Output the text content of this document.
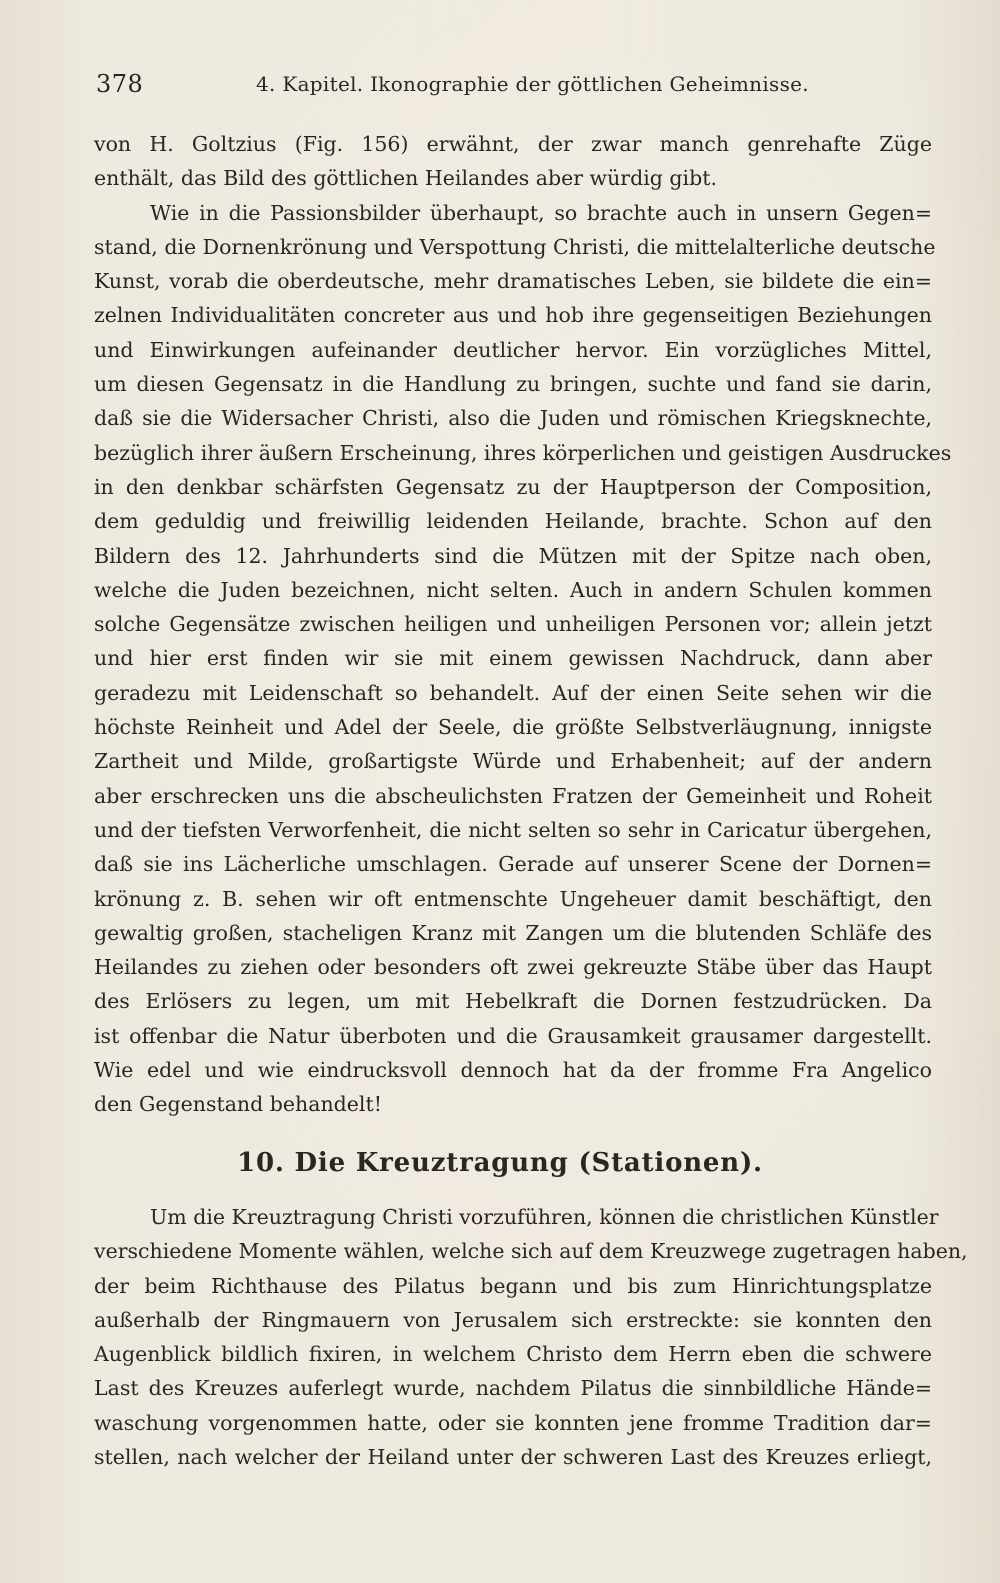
378	4. Kapitel. Ikonographie der göttlichen Geheimnisse.
von H. Goltzius (Fig. 156) erwähnt, der zwar manch genrehafte Züge
enthält, das Bild des göttlichen Heilandes aber würdig gibt.
Wie in die Passionsbilder überhaupt, so brachte auch in unsern Gegen=
stand, die Dornenkrönung und Verspottung Christi, die mittelalterliche deutsche
Kunst, vorab die oberdeutsche, mehr dramatisches Leben, sie bildete die ein=
zelnen Individualitäten concreter aus und hob ihre gegenseitigen Beziehungen
und Einwirkungen aufeinander deutlicher hervor. Ein vorzügliches Mittel,
um diesen Gegensatz in die Handlung zu bringen, suchte und fand sie darin,
daß sie die Widersacher Christi, also die Juden und römischen Kriegsknechte,
bezüglich ihrer äußern Erscheinung, ihres körperlichen und geistigen Ausdruckes
in den denkbar schärfsten Gegensatz zu der Hauptperson der Composition,
dem geduldig und freiwillig leidenden Heilande, brachte. Schon auf den
Bildern des 12. Jahrhunderts sind die Mützen mit der Spitze nach oben,
welche die Juden bezeichnen, nicht selten. Auch in andern Schulen kommen
solche Gegensätze zwischen heiligen und unheiligen Personen vor; allein jetzt
und hier erst finden wir sie mit einem gewissen Nachdruck, dann aber
geradezu mit Leidenschaft so behandelt. Auf der einen Seite sehen wir die
höchste Reinheit und Adel der Seele, die größte Selbstverläugnung, innigste
Zartheit und Milde, großartigste Würde und Erhabenheit; auf der andern
aber erschrecken uns die abscheulichsten Fratzen der Gemeinheit und Roheit
und der tiefsten Verworfenheit, die nicht selten so sehr in Caricatur übergehen,
daß sie ins Lächerliche umschlagen. Gerade auf unserer Scene der Dornen=
krönung z. B. sehen wir oft entmenschte Ungeheuer damit beschäftigt, den
gewaltig großen, stacheligen Kranz mit Zangen um die blutenden Schläfe des
Heilandes zu ziehen oder besonders oft zwei gekreuzte Stäbe über das Haupt
des Erlösers zu legen, um mit Hebelkraft die Dornen festzudrücken. Da
ist offenbar die Natur überboten und die Grausamkeit grausamer dargestellt.
Wie edel und wie eindrucksvoll dennoch hat da der fromme Fra Angelico
den Gegenstand behandelt!
10. Die Kreuztragung (Stationen).
Um die Kreuztragung Christi vorzuführen, können die christlichen Künstler
verschiedene Momente wählen, welche sich auf dem Kreuzwege zugetragen haben,
der beim Richthause des Pilatus begann und bis zum Hinrichtungsplatze
außerhalb der Ringmauern von Jerusalem sich erstreckte: sie konnten den
Augenblick bildlich fixiren, in welchem Christo dem Herrn eben die schwere
Last des Kreuzes auferlegt wurde, nachdem Pilatus die sinnbildliche Hände=
waschung vorgenommen hatte, oder sie konnten jene fromme Tradition dar=
stellen, nach welcher der Heiland unter der schweren Last des Kreuzes erliegt,
